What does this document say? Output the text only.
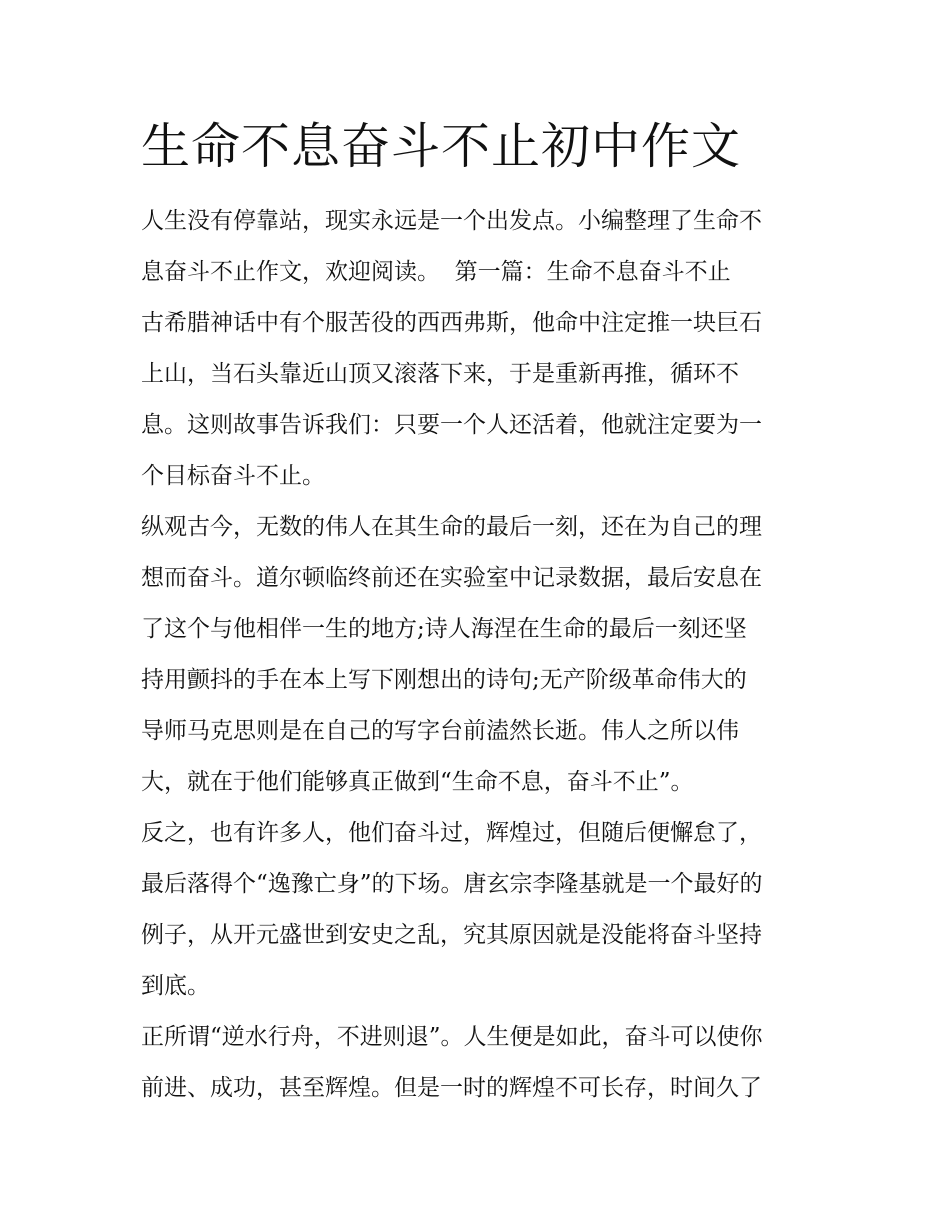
生命不息奋斗不止初中作文

人生没有停靠站，现实永远是一个出发点。小编整理了生命不

息奋斗不止作文，欢迎阅读。  第一篇：生命不息奋斗不止

古希腊神话中有个服苦役的西西弗斯，他命中注定推一块巨石

上山，当石头靠近山顶又滚落下来，于是重新再推，循环不

息。这则故事告诉我们：只要一个人还活着，他就注定要为一

个目标奋斗不止。

纵观古今，无数的伟人在其生命的最后一刻，还在为自己的理

想而奋斗。道尔顿临终前还在实验室中记录数据，最后安息在

了这个与他相伴一生的地方;诗人海涅在生命的最后一刻还坚

持用颤抖的手在本上写下刚想出的诗句;无产阶级革命伟大的

导师马克思则是在自己的写字台前溘然长逝。伟人之所以伟

大，就在于他们能够真正做到“生命不息，奋斗不止”。

反之，也有许多人，他们奋斗过，辉煌过，但随后便懈怠了，

最后落得个“逸豫亡身”的下场。唐玄宗李隆基就是一个最好的

例子，从开元盛世到安史之乱，究其原因就是没能将奋斗坚持

到底。

正所谓“逆水行舟，不进则退”。人生便是如此，奋斗可以使你

前进、成功，甚至辉煌。但是一时的辉煌不可长存，时间久了
